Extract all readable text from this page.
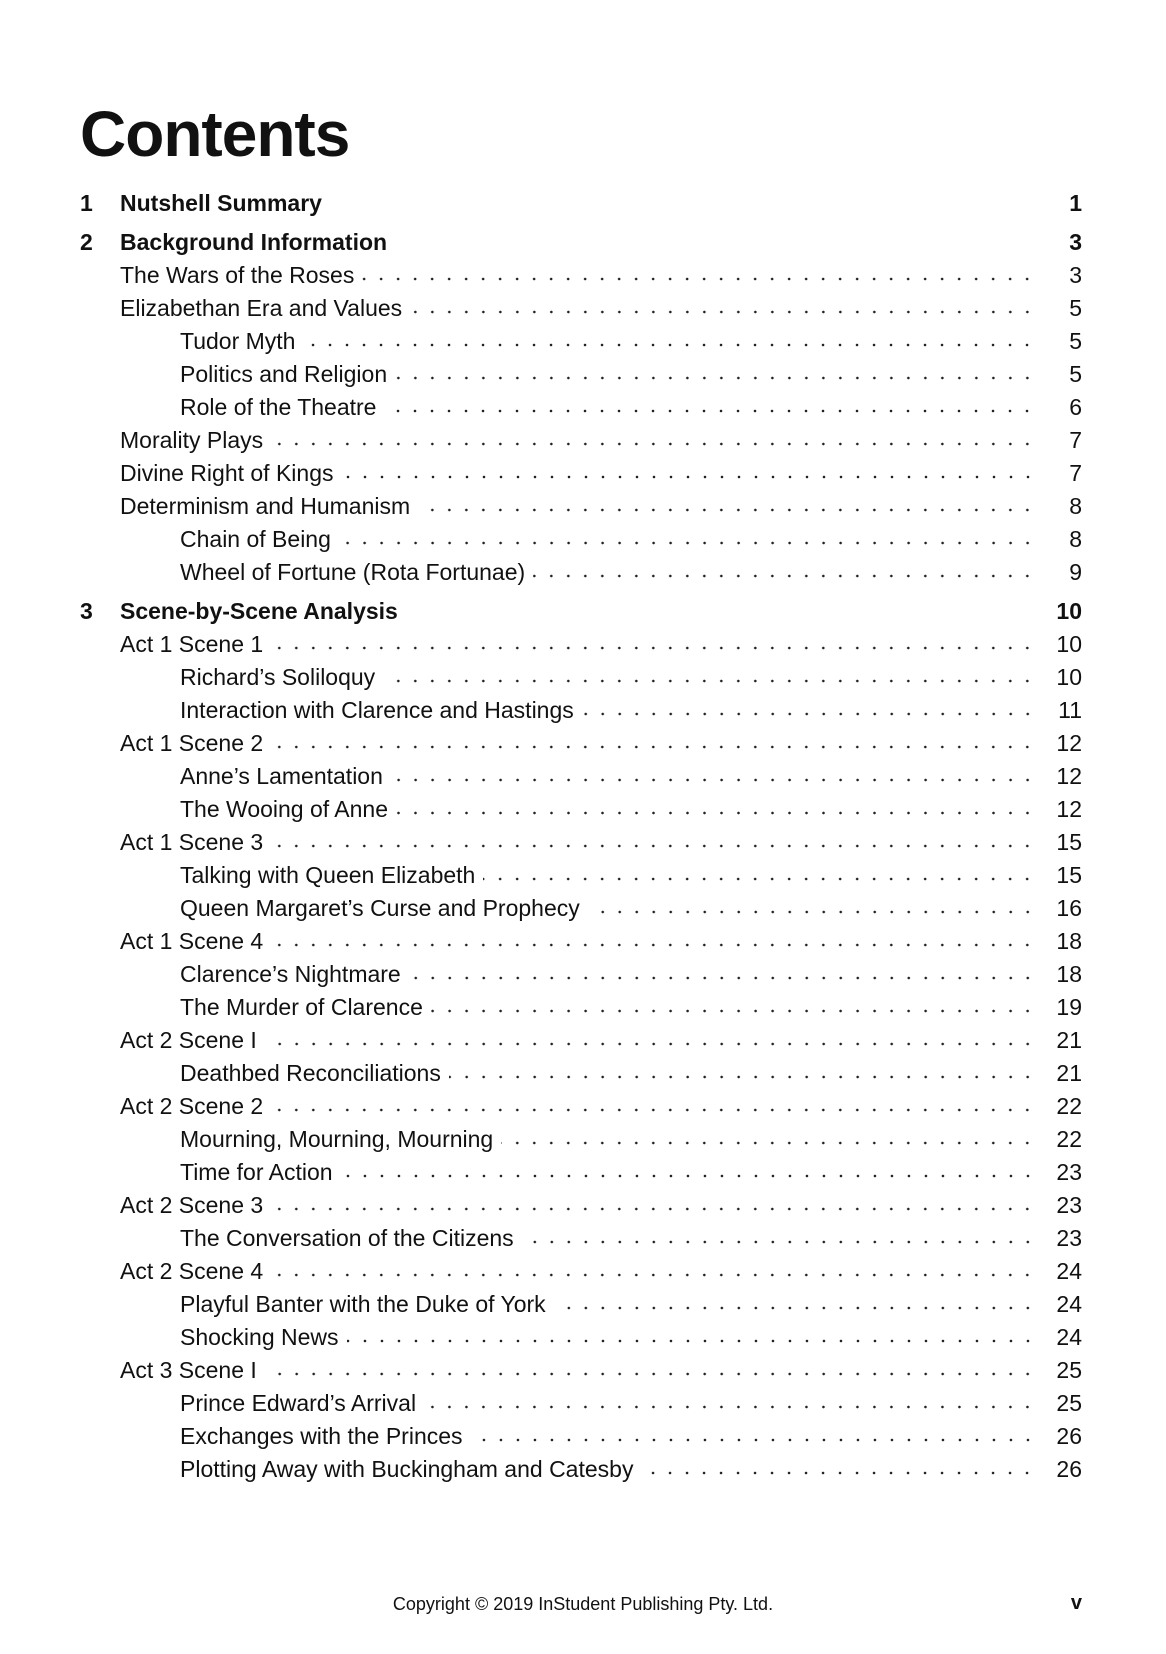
Contents
1 Nutshell Summary	1
2 Background Information	3
The Wars of the Roses	3
Elizabethan Era and Values	5
Tudor Myth	5
Politics and Religion	5
Role of the Theatre	6
Morality Plays	7
Divine Right of Kings	7
Determinism and Humanism	8
Chain of Being	8
Wheel of Fortune (Rota Fortunae)	9
3 Scene-by-Scene Analysis	10
Act 1 Scene 1	10
Richard’s Soliloquy	10
Interaction with Clarence and Hastings	11
Act 1 Scene 2	12
Anne’s Lamentation	12
The Wooing of Anne	12
Act 1 Scene 3	15
Talking with Queen Elizabeth	15
Queen Margaret’s Curse and Prophecy	16
Act 1 Scene 4	18
Clarence’s Nightmare	18
The Murder of Clarence	19
Act 2 Scene I	21
Deathbed Reconciliations	21
Act 2 Scene 2	22
Mourning, Mourning, Mourning	22
Time for Action	23
Act 2 Scene 3	23
The Conversation of the Citizens	23
Act 2 Scene 4	24
Playful Banter with the Duke of York	24
Shocking News	24
Act 3 Scene I	25
Prince Edward’s Arrival	25
Exchanges with the Princes	26
Plotting Away with Buckingham and Catesby	26
Copyright © 2019 InStudent Publishing Pty. Ltd.	v
